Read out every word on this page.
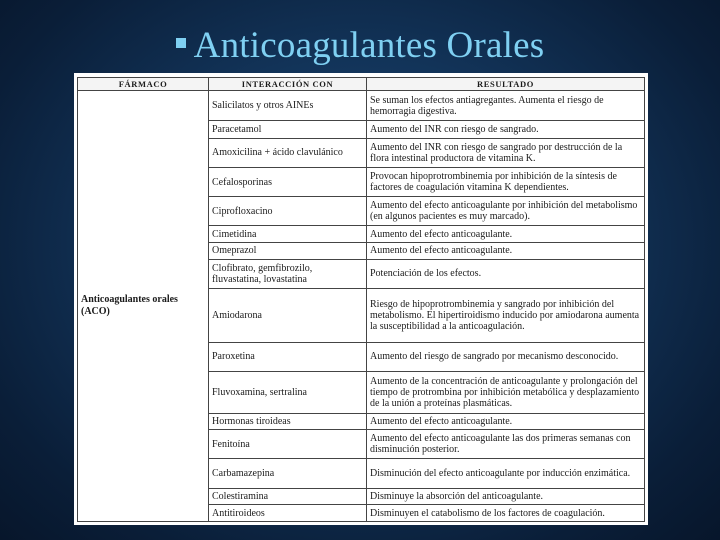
Anticoagulantes Orales
FÁRMACO	INTERACCIÓN CON	RESULTADO
Anticoagulantes orales (ACO)	Salicilatos y otros AINEs	Se suman los efectos antiagregantes. Aumenta el riesgo de hemorragia digestiva.
	Paracetamol	Aumento del INR con riesgo de sangrado.
	Amoxicilina + ácido clavulánico	Aumento del INR con riesgo de sangrado por destrucción de la flora intestinal productora de vitamina K.
	Cefalosporinas	Provocan hipoprotrombinemia por inhibición de la síntesis de factores de coagulación vitamina K dependientes.
	Ciprofloxacino	Aumento del efecto anticoagulante por inhibición del metabolismo (en algunos pacientes es muy marcado).
	Cimetidina	Aumento del efecto anticoagulante.
	Omeprazol	Aumento del efecto anticoagulante.
	Clofibrato, gemfibrozilo, fluvastatina, lovastatina	Potenciación de los efectos.
	Amiodarona	Riesgo de hipoprotrombinemia y sangrado por inhibición del metabolismo. El hipertiroidismo inducido por amiodarona aumenta la susceptibilidad a la anticoagulación.
	Paroxetina	Aumento del riesgo de sangrado por mecanismo desconocido.
	Fluvoxamina, sertralina	Aumento de la concentración de anticoagulante y prolongación del tiempo de protrombina por inhibición metabólica y desplazamiento de la unión a proteínas plasmáticas.
	Hormonas tiroideas	Aumento del efecto anticoagulante.
	Fenitoína	Aumento del efecto anticoagulante las dos primeras semanas con disminución posterior.
	Carbamazepina	Disminución del efecto anticoagulante por inducción enzimática.
	Colestiramina	Disminuye la absorción del anticoagulante.
	Antitiroideos	Disminuyen el catabolismo de los factores de coagulación.
